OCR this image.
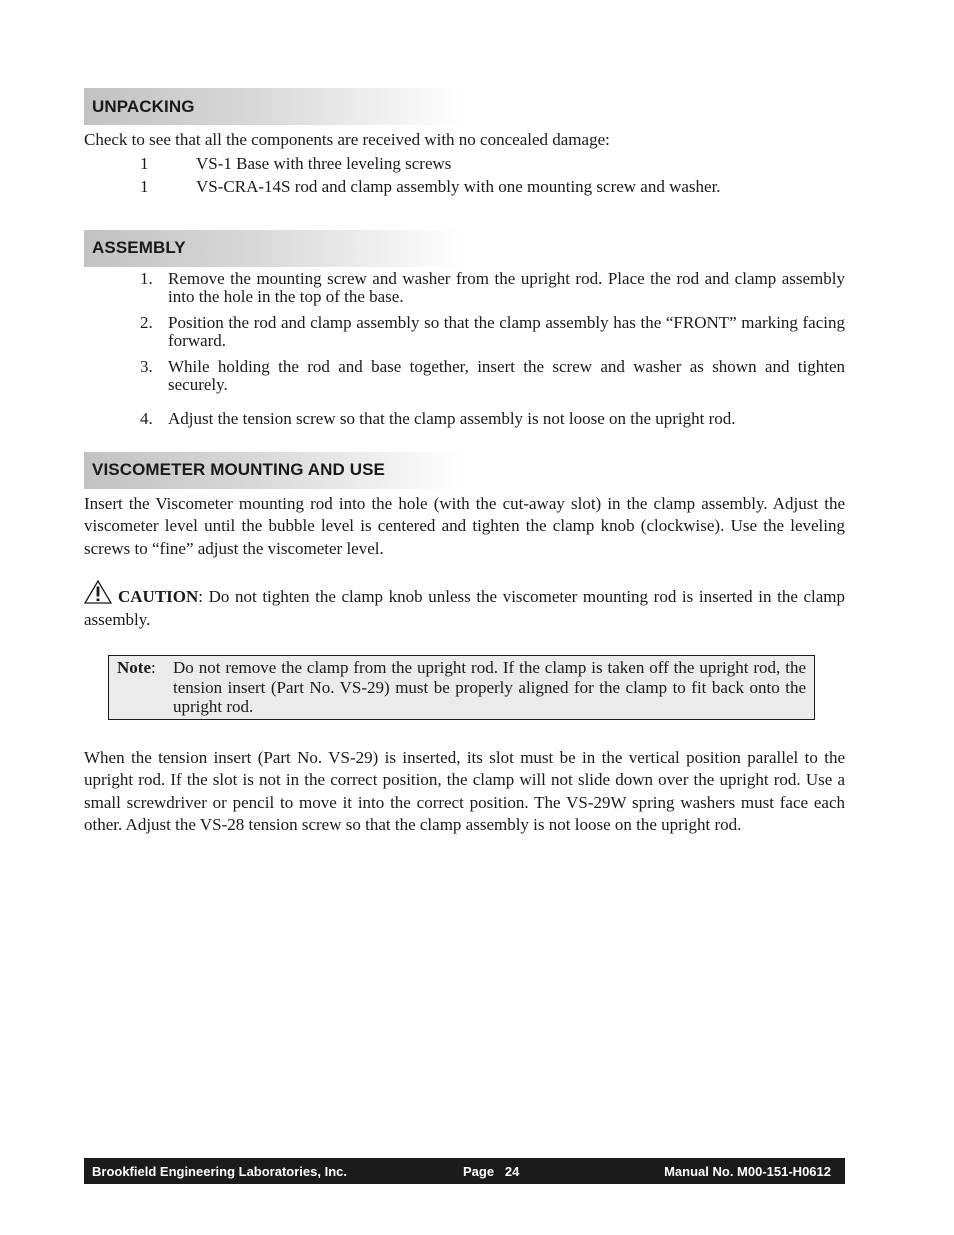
UNPACKING

Check to see that all the components are received with no concealed damage:

1	VS-1 Base with three leveling screws
1	VS-CRA-14S rod and clamp assembly with one mounting screw and washer.
ASSEMBLY
1. Remove the mounting screw and washer from the upright rod. Place the rod and clamp assembly into the hole in the top of the base.
2. Position the rod and clamp assembly so that the clamp assembly has the “FRONT” marking facing forward.
3. While holding the rod and base together, insert the screw and washer as shown and tighten securely.
4. Adjust the tension screw so that the clamp assembly is not loose on the upright rod.
VISCOMETER MOUNTING AND USE

Insert the Viscometer mounting rod into the hole (with the cut-away slot) in the clamp assembly. Adjust the viscometer level until the bubble level is centered and tighten the clamp knob (clockwise). Use the leveling screws to “fine” adjust the viscometer level.

CAUTION: Do not tighten the clamp knob unless the viscometer mounting rod is inserted in the clamp assembly.

Note:	Do not remove the clamp from the upright rod. If the clamp is taken off the upright rod, the tension insert (Part No. VS-29) must be properly aligned for the clamp to fit back onto the upright rod.

When the tension insert (Part No. VS-29) is inserted, its slot must be in the vertical position parallel to the upright rod. If the slot is not in the correct position, the clamp will not slide down over the upright rod. Use a small screwdriver or pencil to move it into the correct position. The VS-29W spring washers must face each other. Adjust the VS-28 tension screw so that the clamp assembly is not loose on the upright rod.

Brookfield Engineering Laboratories, Inc.	Page   24	Manual No. M00-151-H0612
